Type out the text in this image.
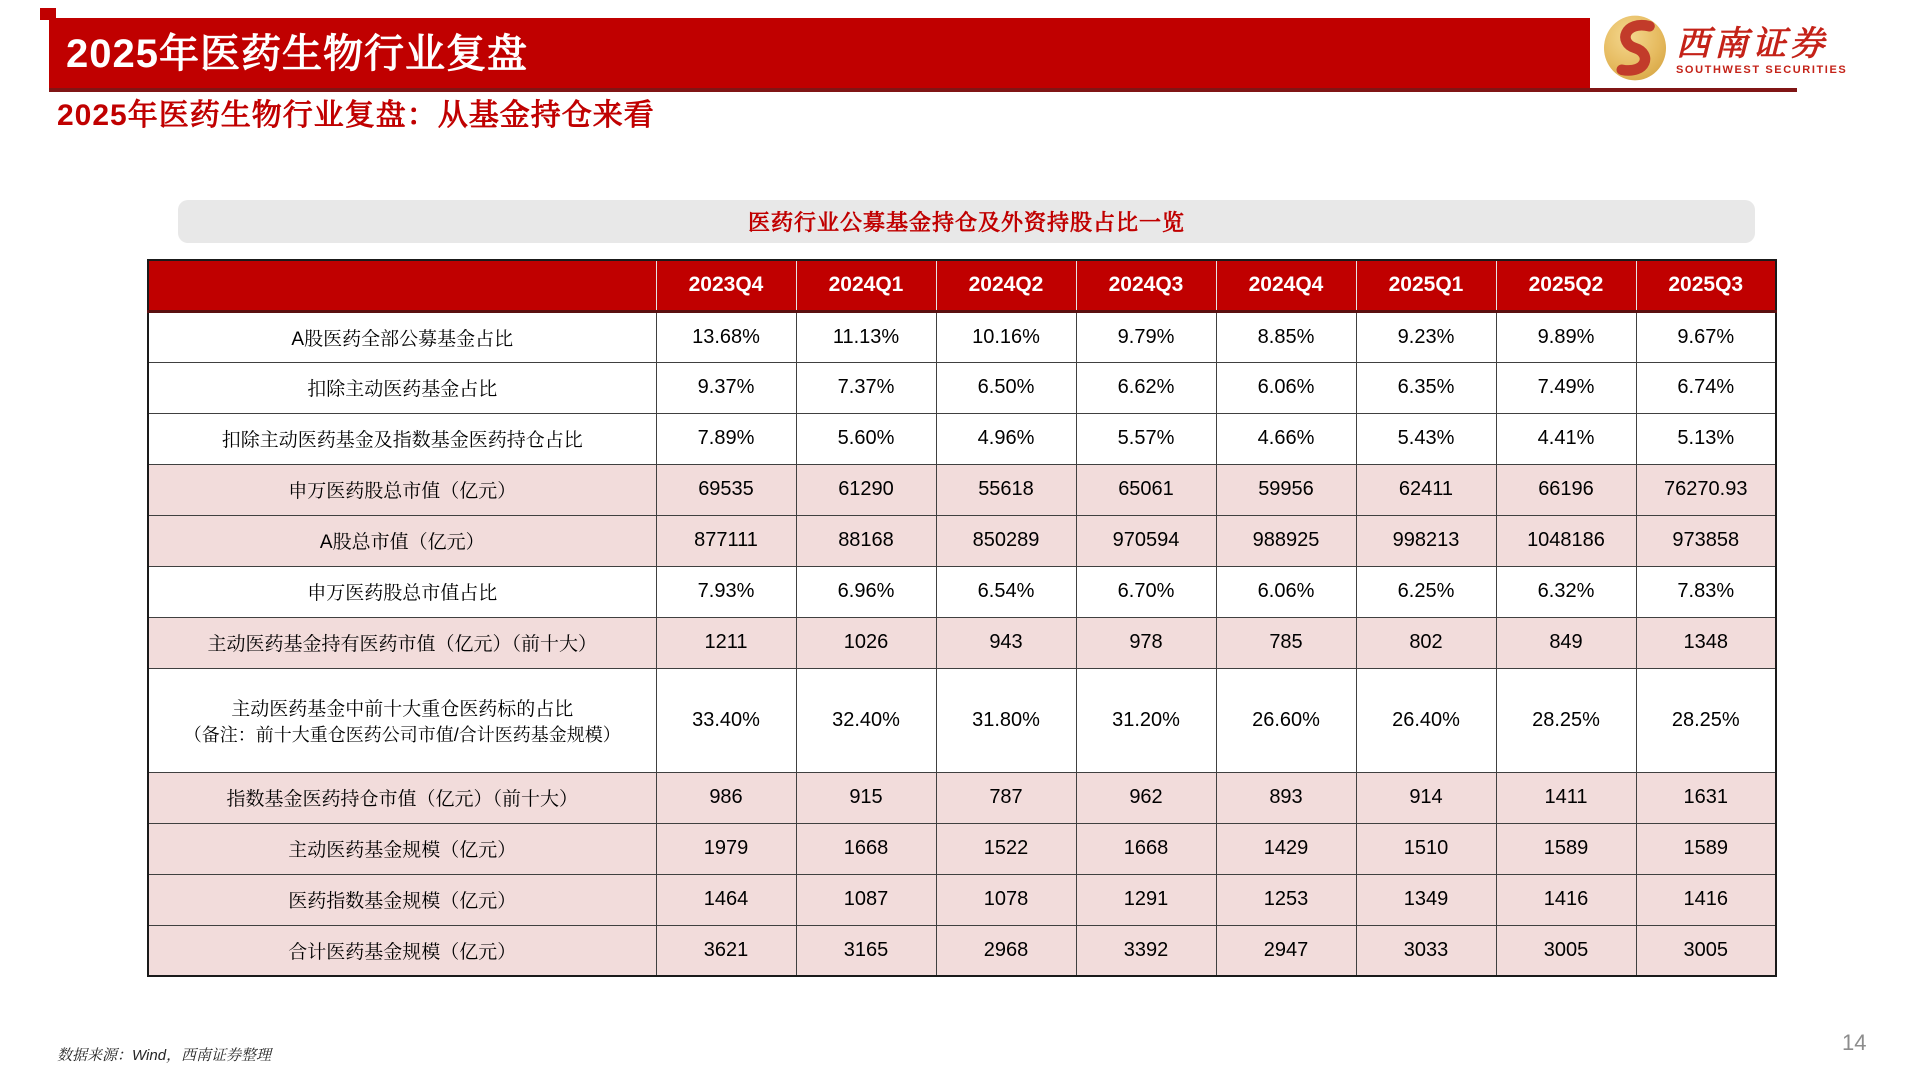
2025年医药生物行业复盘	西南证券
SOUTHWEST SECURITIES
2025年医药生物行业复盘：从基金持仓来看
医药行业公募基金持仓及外资持股占比一览
	2023Q4	2024Q1	2024Q2	2024Q3	2024Q4	2025Q1	2025Q2	2025Q3

A股医药全部公募基金占比	13.68%	11.13%	10.16%	9.79%	8.85%	9.23%	9.89%	9.67%

扣除主动医药基金占比	9.37%	7.37%	6.50%	6.62%	6.06%	6.35%	7.49%	6.74%

扣除主动医药基金及指数基金医药持仓占比	7.89%	5.60%	4.96%	5.57%	4.66%	5.43%	4.41%	5.13%

申万医药股总市值（亿元）	69535	61290	55618	65061	59956	62411	66196	76270.93

A股总市值（亿元）	877111	88168	850289	970594	988925	998213	1048186	973858

申万医药股总市值占比	7.93%	6.96%	6.54%	6.70%	6.06%	6.25%	6.32%	7.83%

主动医药基金持有医药市值（亿元）（前十大）	1211	1026	943	978	785	802	849	1348

主动医药基金中前十大重仓医药标的占比
（备注：前十大重仓医药公司市值/合计医药基金规模）	33.40%	32.40%	31.80%	31.20%	26.60%	26.40%	28.25%	28.25%

指数基金医药持仓市值（亿元）（前十大）	986	915	787	962	893	914	1411	1631

主动医药基金规模（亿元）	1979	1668	1522	1668	1429	1510	1589	1589

医药指数基金规模（亿元）	1464	1087	1078	1291	1253	1349	1416	1416

合计医药基金规模（亿元）	3621	3165	2968	3392	2947	3033	3005	3005
数据来源：Wind，西南证券整理
14
